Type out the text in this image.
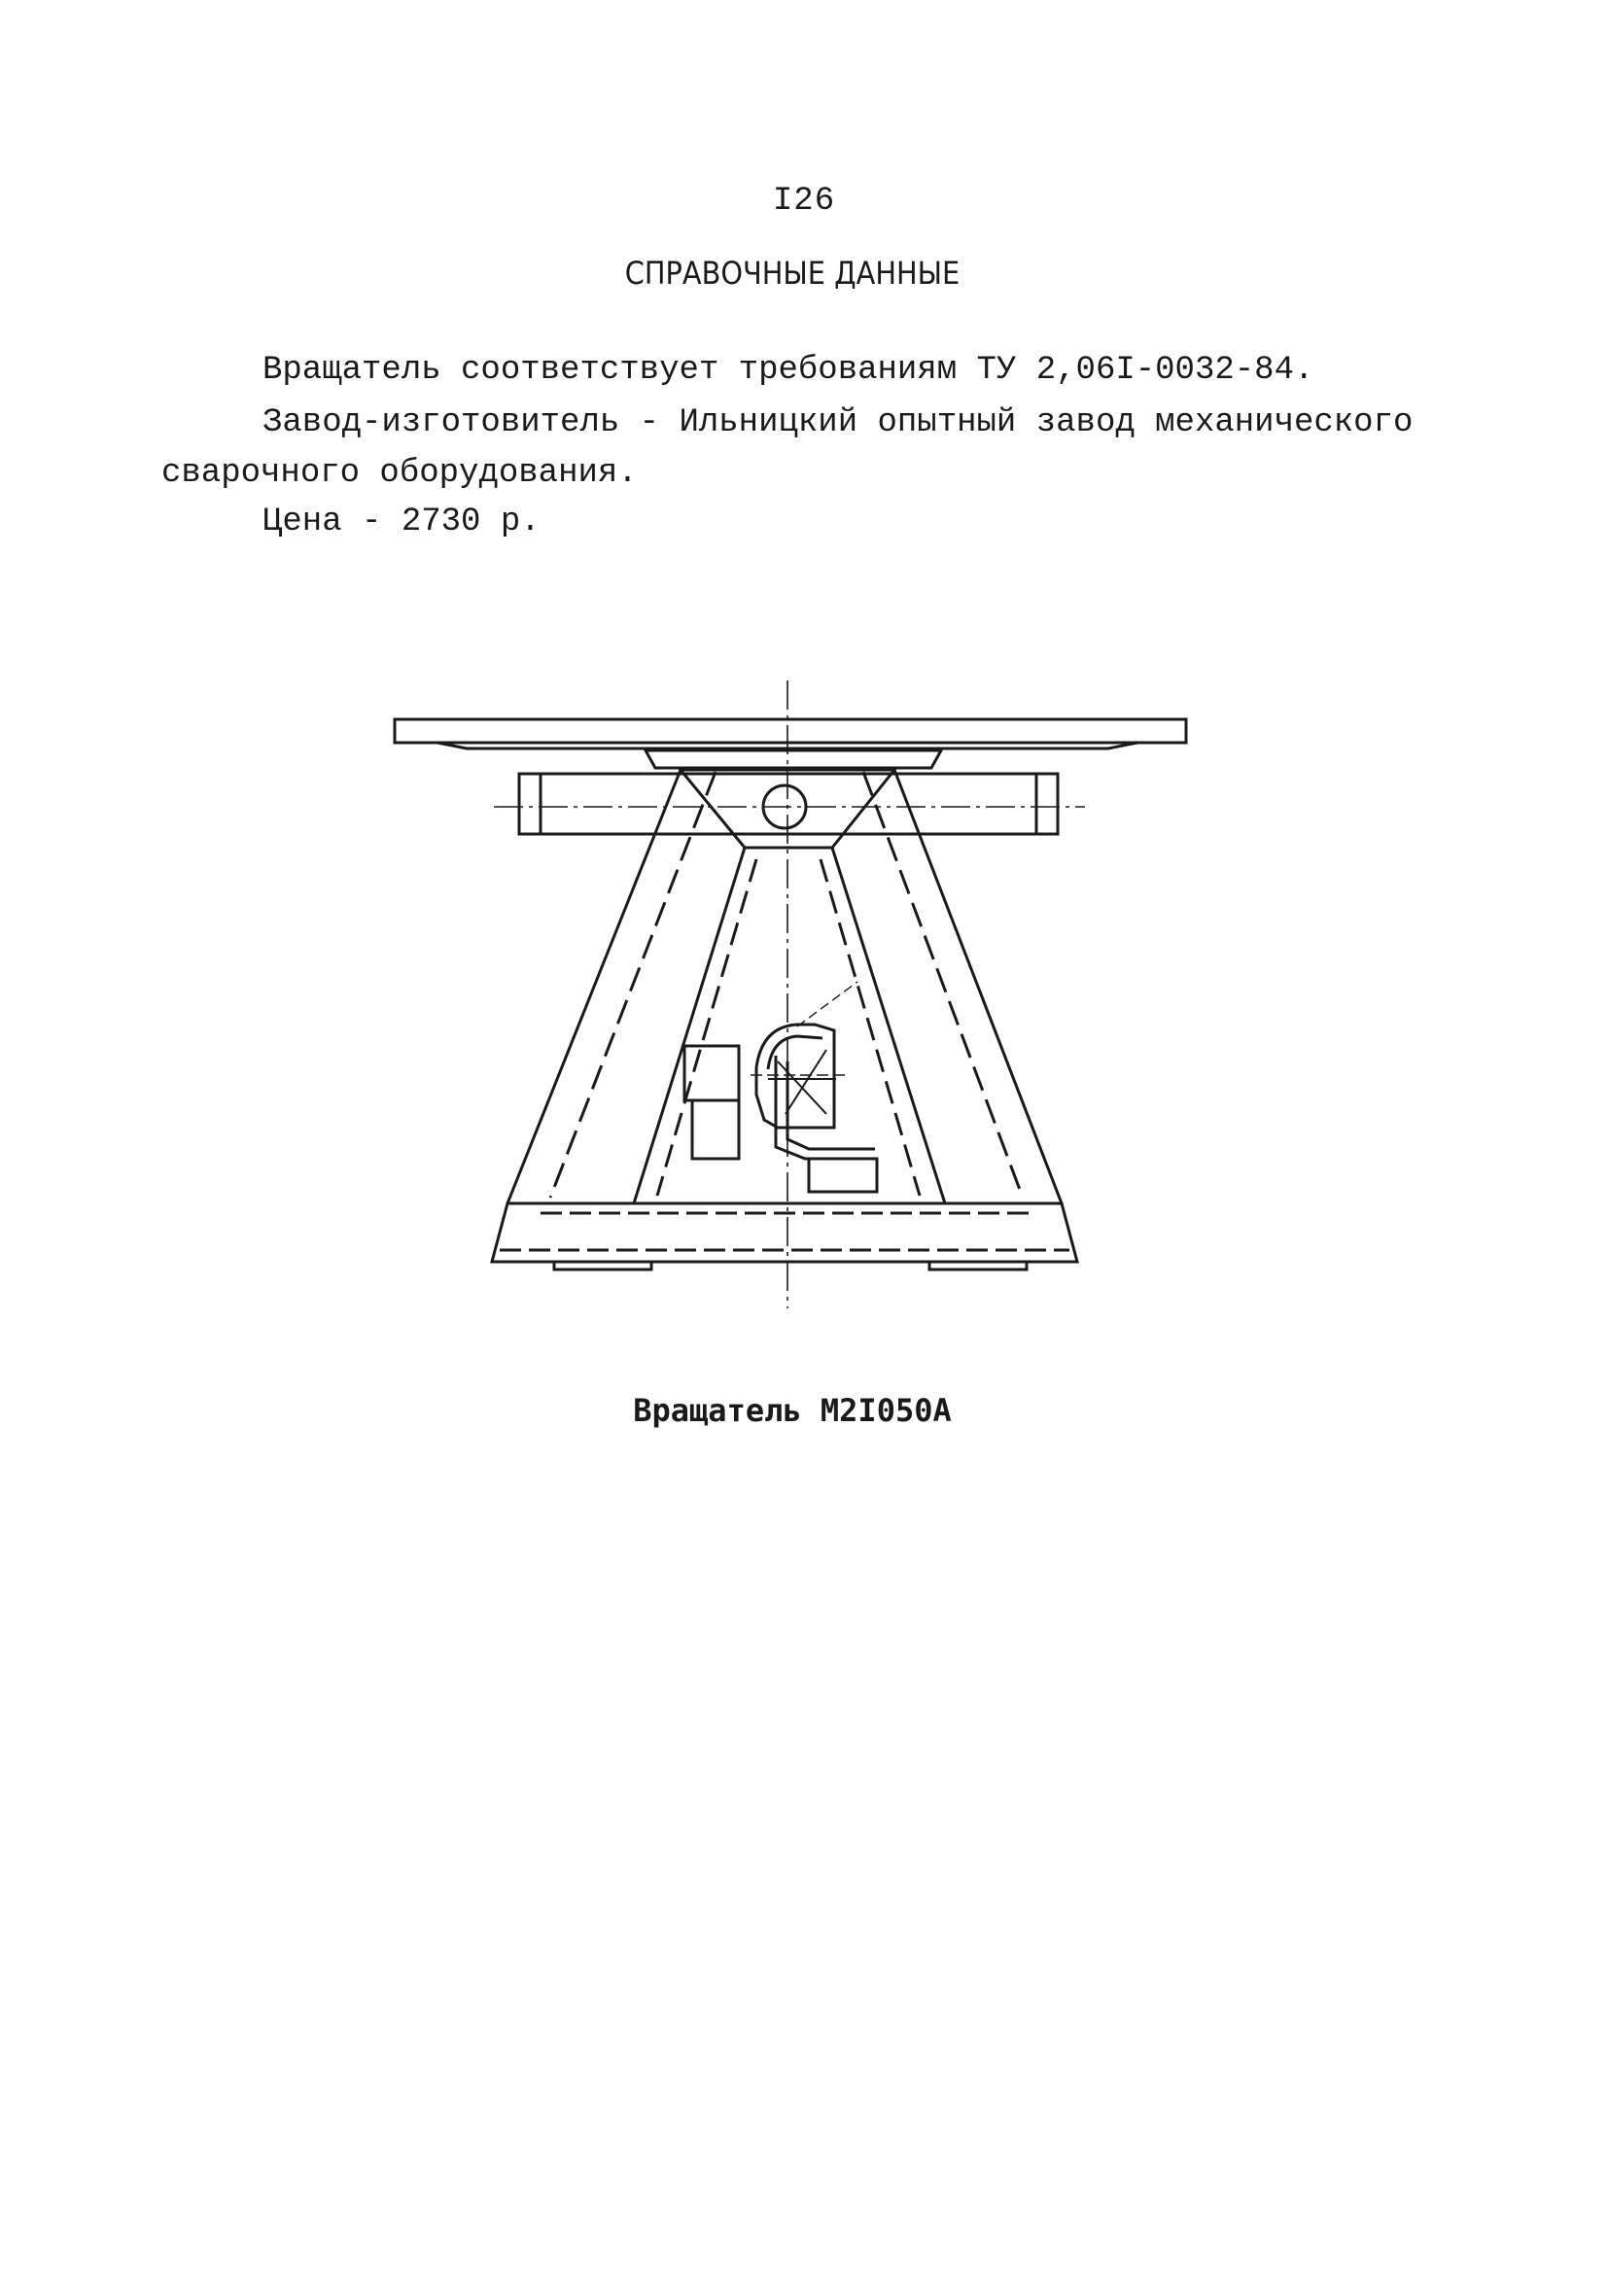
I26
СПРАВОЧНЫЕ ДАННЫЕ
Вращатель соответствует требованиям ТУ 2,06I-0032-84.
Завод-изготовитель - Ильницкий опытный завод механического
сварочного оборудования.
Цена - 2730 р.
Вращатель М2I050А
